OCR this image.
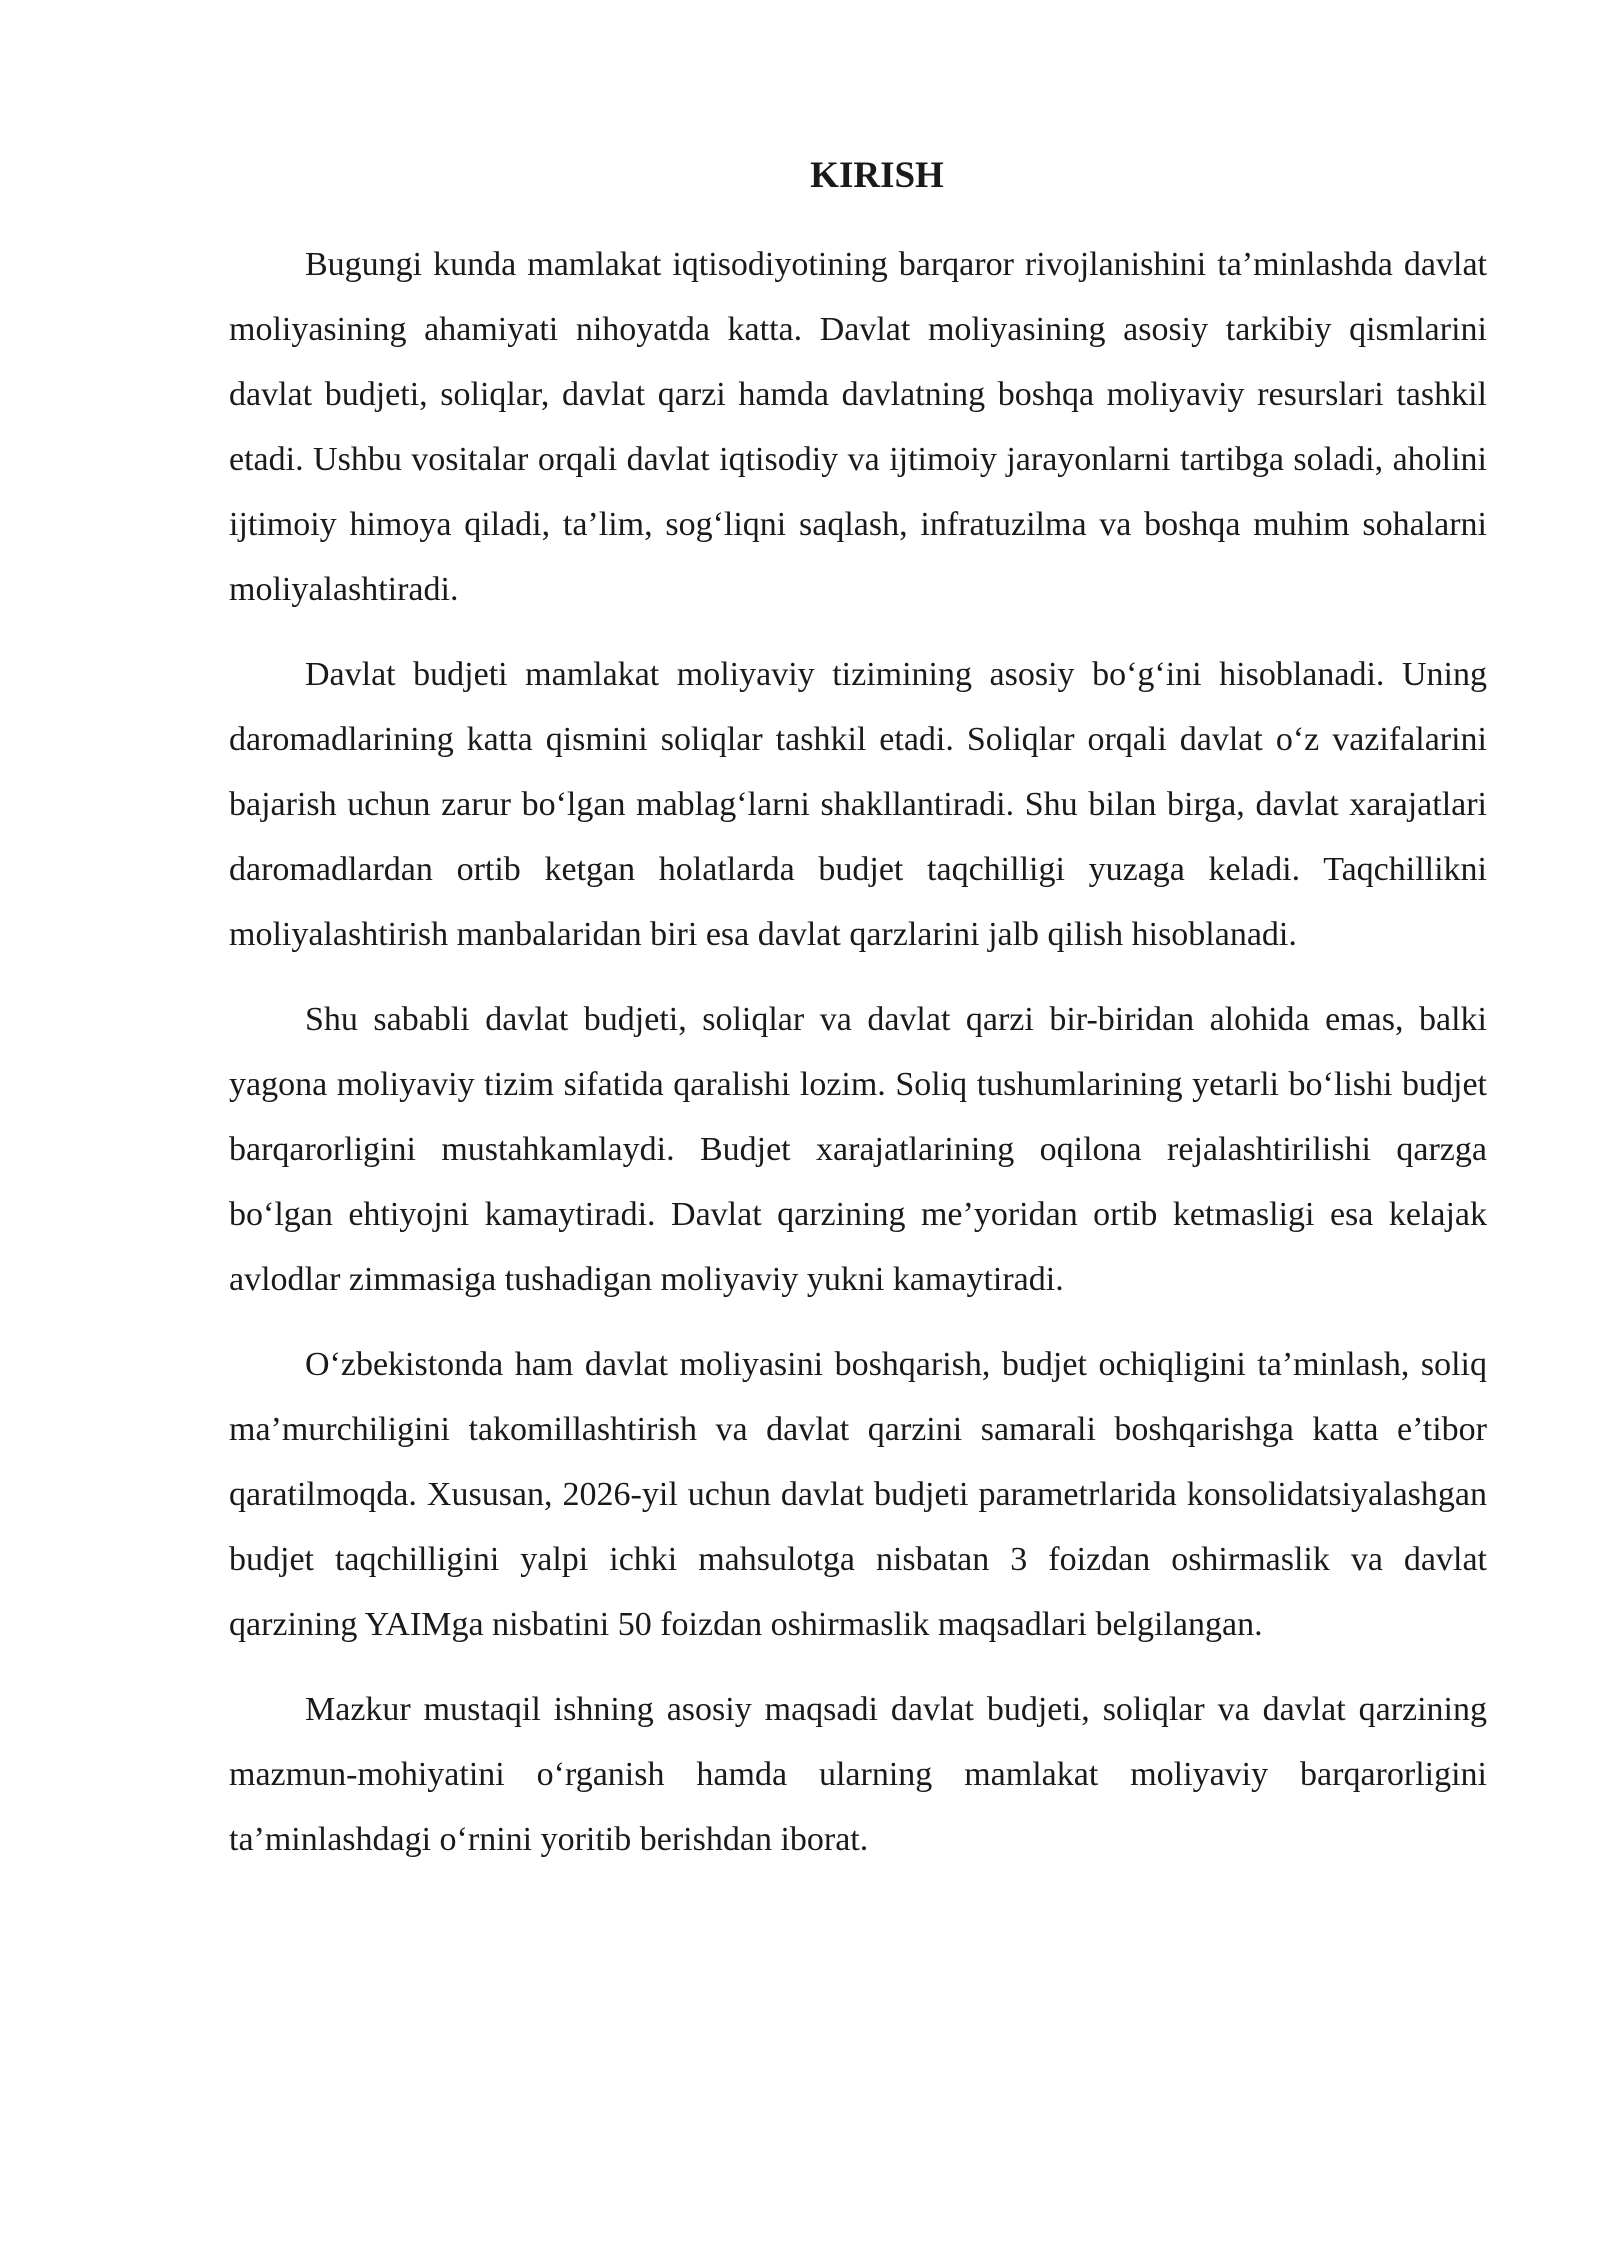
KIRISH

Bugungi kunda mamlakat iqtisodiyotining barqaror rivojlanishini ta’minlashda davlat moliyasining ahamiyati nihoyatda katta. Davlat moliyasining asosiy tarkibiy qismlarini davlat budjeti, soliqlar, davlat qarzi hamda davlatning boshqa moliyaviy resurslari tashkil etadi. Ushbu vositalar orqali davlat iqtisodiy va ijtimoiy jarayonlarni tartibga soladi, aholini ijtimoiy himoya qiladi, ta’lim, sog‘liqni saqlash, infratuzilma va boshqa muhim sohalarni moliyalashtiradi.

Davlat budjeti mamlakat moliyaviy tizimining asosiy bo‘g‘ini hisoblanadi. Uning daromadlarining katta qismini soliqlar tashkil etadi. Soliqlar orqali davlat o‘z vazifalarini bajarish uchun zarur bo‘lgan mablag‘larni shakllantiradi. Shu bilan birga, davlat xarajatlari daromadlardan ortib ketgan holatlarda budjet taqchilligi yuzaga keladi. Taqchillikni moliyalashtirish manbalaridan biri esa davlat qarzlarini jalb qilish hisoblanadi.

Shu sababli davlat budjeti, soliqlar va davlat qarzi bir-biridan alohida emas, balki yagona moliyaviy tizim sifatida qaralishi lozim. Soliq tushumlarining yetarli bo‘lishi budjet barqarorligini mustahkamlaydi. Budjet xarajatlarining oqilona rejalashtirilishi qarzga bo‘lgan ehtiyojni kamaytiradi. Davlat qarzining me’yoridan ortib ketmasligi esa kelajak avlodlar zimmasiga tushadigan moliyaviy yukni kamaytiradi.

O‘zbekistonda ham davlat moliyasini boshqarish, budjet ochiqligini ta’minlash, soliq ma’murchiligini takomillashtirish va davlat qarzini samarali boshqarishga katta e’tibor qaratilmoqda. Xususan, 2026-yil uchun davlat budjeti parametrlarida konsolidatsiyalashgan budjet taqchilligini yalpi ichki mahsulotga nisbatan 3 foizdan oshirmaslik va davlat qarzining YAIMga nisbatini 50 foizdan oshirmaslik maqsadlari belgilangan.

Mazkur mustaqil ishning asosiy maqsadi davlat budjeti, soliqlar va davlat qarzining mazmun-mohiyatini o‘rganish hamda ularning mamlakat moliyaviy barqarorligini ta’minlashdagi o‘rnini yoritib berishdan iborat.
